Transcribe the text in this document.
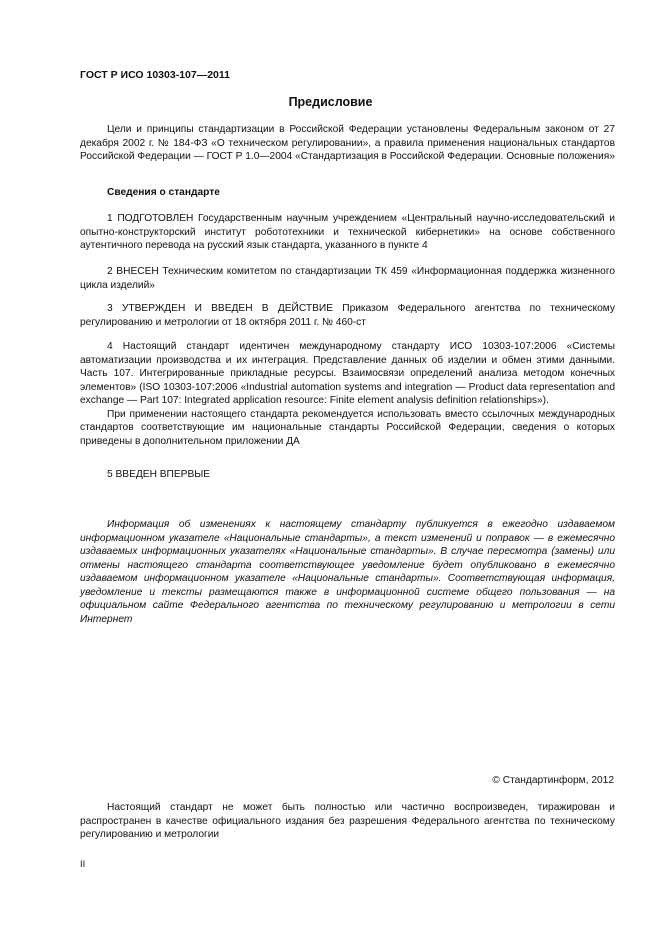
ГОСТ Р ИСО 10303-107—2011
Предисловие

Цели и принципы стандартизации в Российской Федерации установлены Федеральным законом от 27 декабря 2002 г. № 184-ФЗ «О техническом регулировании», а правила применения национальных стандартов Российской Федерации — ГОСТ Р 1.0—2004 «Стандартизация в Российской Федерации. Основные положения»

Сведения о стандарте

1 ПОДГОТОВЛЕН Государственным научным учреждением «Центральный научно-исследовательский и опытно-конструкторский институт робототехники и технической кибернетики» на основе собственного аутентичного перевода на русский язык стандарта, указанного в пункте 4

2 ВНЕСЕН Техническим комитетом по стандартизации ТК 459 «Информационная поддержка жизненного цикла изделий»

3 УТВЕРЖДЕН И ВВЕДЕН В ДЕЙСТВИЕ Приказом Федерального агентства по техническому регулированию и метрологии от 18 октября 2011 г. № 460-ст

4 Настоящий стандарт идентичен международному стандарту ИСО 10303-107:2006 «Системы автоматизации производства и их интеграция. Представление данных об изделии и обмен этими данными. Часть 107. Интегрированные прикладные ресурсы. Взаимосвязи определений анализа методом конечных элементов» (ISO 10303-107:2006 «Industrial automation systems and integration — Product data representation and exchange — Part 107: Integrated application resource: Finite element analysis definition relationships»).

При применении настоящего стандарта рекомендуется использовать вместо ссылочных международных стандартов соответствующие им национальные стандарты Российской Федерации, сведения о которых приведены в дополнительном приложении ДА

5 ВВЕДЕН ВПЕРВЫЕ

Информация об изменениях к настоящему стандарту публикуется в ежегодно издаваемом информационном указателе «Национальные стандарты», а текст изменений и поправок — в ежемесячно издаваемых информационных указателях «Национальные стандарты». В случае пересмотра (замены) или отмены настоящего стандарта соответствующее уведомление будет опубликовано в ежемесячно издаваемом информационном указателе «Национальные стандарты». Соответствующая информация, уведомление и тексты размещаются также в информационной системе общего пользования — на официальном сайте Федерального агентства по техническому регулированию и метрологии в сети Интернет

© Стандартинформ, 2012

Настоящий стандарт не может быть полностью или частично воспроизведен, тиражирован и распространен в качестве официального издания без разрешения Федерального агентства по техническому регулированию и метрологии

II
